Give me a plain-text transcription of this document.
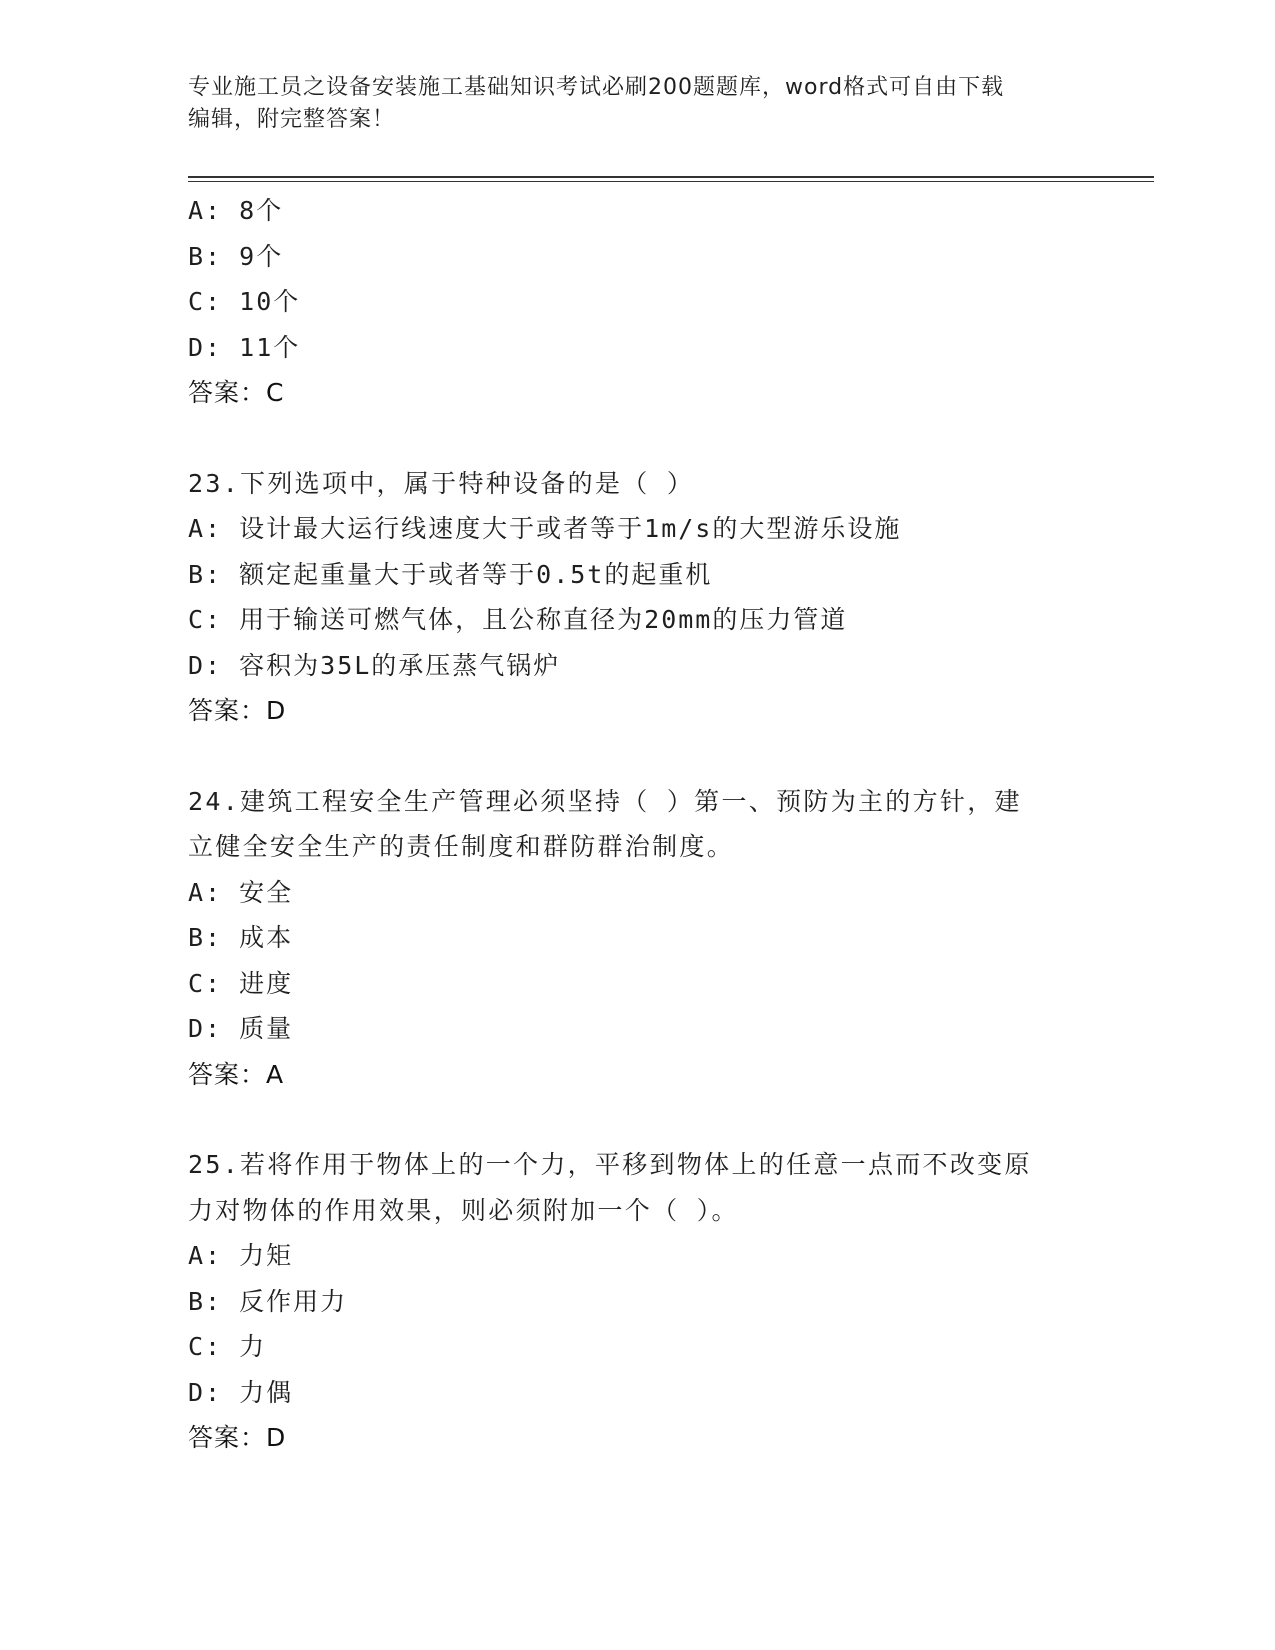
专业施工员之设备安装施工基础知识考试必刷200题题库，word格式可自由下载
编辑，附完整答案！
A: 8个
B: 9个
C: 10个
D: 11个
答案：C
23.下列选项中，属于特种设备的是（ ）
A: 设计最大运行线速度大于或者等于1m/s的大型游乐设施
B: 额定起重量大于或者等于0.5t的起重机
C: 用于输送可燃气体，且公称直径为20mm的压力管道
D: 容积为35L的承压蒸气锅炉
答案：D
24.建筑工程安全生产管理必须坚持（ ）第一、预防为主的方针，建
立健全安全生产的责任制度和群防群治制度。
A: 安全
B: 成本
C: 进度
D: 质量
答案：A
25.若将作用于物体上的一个力，平移到物体上的任意一点而不改变原
力对物体的作用效果，则必须附加一个（ ）。
A: 力矩
B: 反作用力
C: 力
D: 力偶
答案：D
